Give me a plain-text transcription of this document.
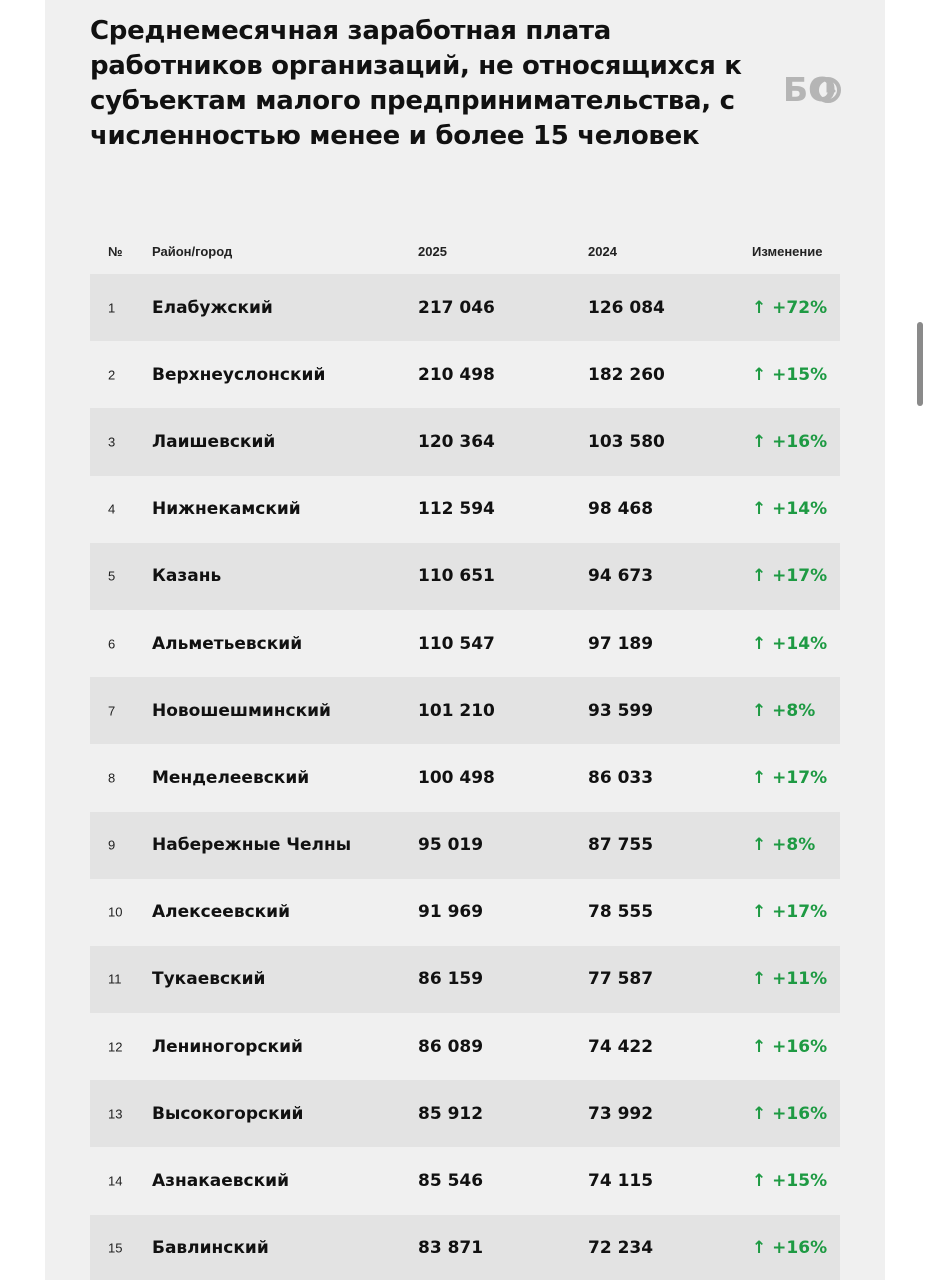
Среднемесячная заработная плата работников организаций, не относящихся к субъектам малого предпринимательства, с численностью менее и более 15 человек
БО
№ Район/город	2025	2024	Изменение
1 Елабужский	217 046	126 084	↑ +72%
2 Верхнеуслонский	210 498	182 260	↑ +15%
3 Лаишевский	120 364	103 580	↑ +16%
4 Нижнекамский	112 594	98 468	↑ +14%
5 Казань	110 651	94 673	↑ +17%
6 Альметьевский	110 547	97 189	↑ +14%
7 Новошешминский	101 210	93 599	↑ +8%
8 Менделеевский	100 498	86 033	↑ +17%
9 Набережные Челны	95 019	87 755	↑ +8%
10 Алексеевский	91 969	78 555	↑ +17%
11 Тукаевский	86 159	77 587	↑ +11%
12 Лениногорский	86 089	74 422	↑ +16%
13 Высокогорский	85 912	73 992	↑ +16%
14 Азнакаевский	85 546	74 115	↑ +15%
15 Бавлинский	83 871	72 234	↑ +16%
